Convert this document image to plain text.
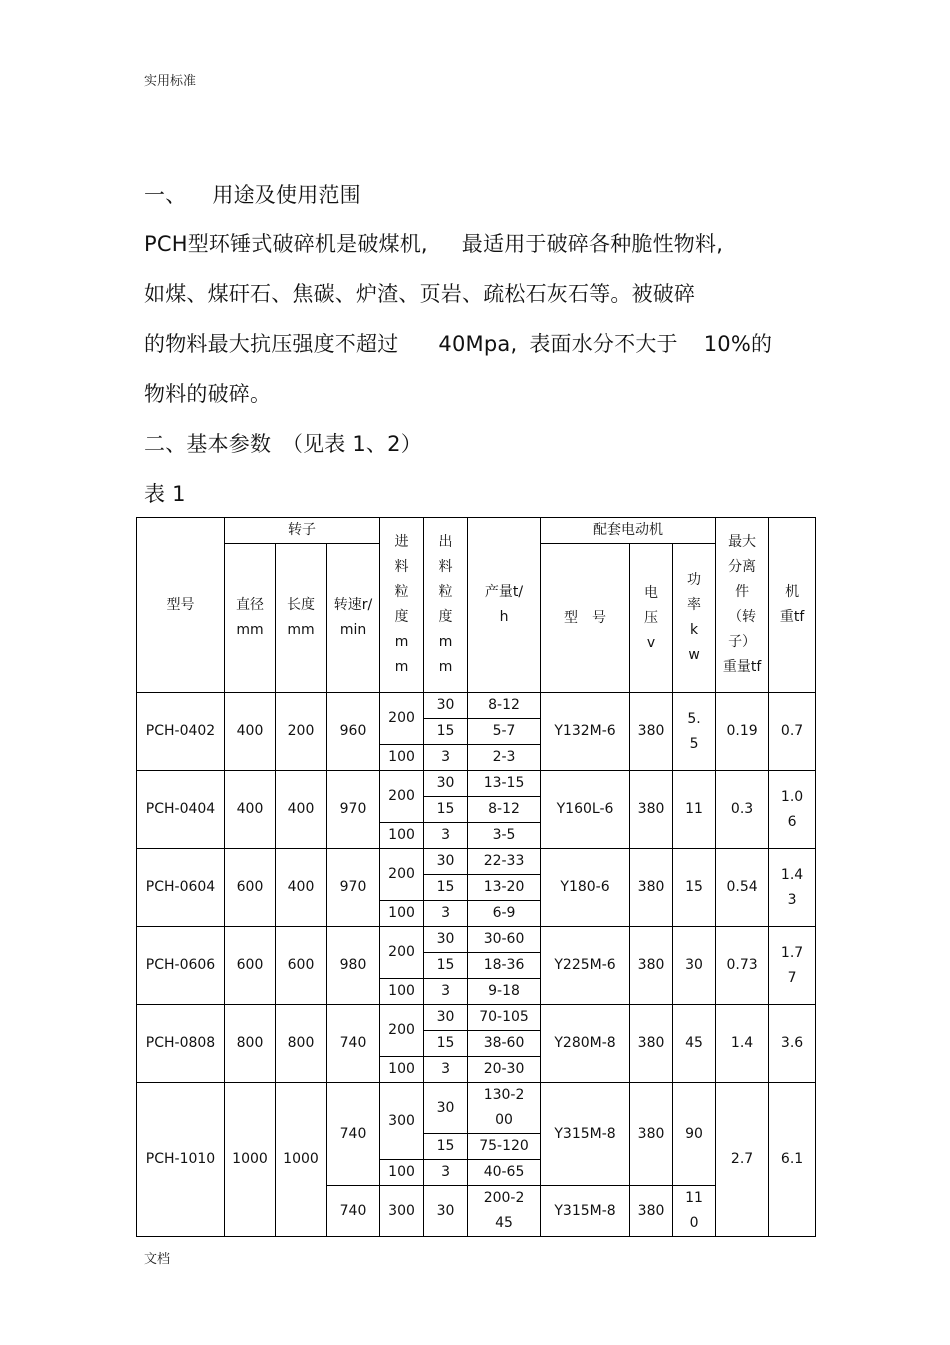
实用标准
一、 用途及使用范围
PCH型环锤式破碎机是破煤机, 最适用于破碎各种脆性物料,
如煤、煤矸石、焦碳、炉渣、页岩、疏松石灰石等。被破碎
的物料最大抗压强度不超过 40Mpa, 表面水分不大于 10%的
物料的破碎。
二、基本参数　（见表 1、2）
表 1
型号	转子			进料粒度mm	出料粒度mm	产量t/h	配套电动机			最大分离件（转子）重量tf	机重tf
	直径mm	长度mm	转速r/min				型　号	电压v	功率kw		
PCH-0402	400	200	960	200	30	8-12	Y132M-6	380	5.5	0.19	0.7
					15	5-7					
				100	3	2-3					
PCH-0404	400	400	970	200	30	13-15	Y160L-6	380	11	0.3	1.06
					15	8-12					
				100	3	3-5					
PCH-0604	600	400	970	200	30	22-33	Y180-6	380	15	0.54	1.43
					15	13-20					
				100	3	6-9					
PCH-0606	600	600	980	200	30	30-60	Y225M-6	380	30	0.73	1.77
					15	18-36					
				100	3	9-18					
PCH-0808	800	800	740	200	30	70-105	Y280M-8	380	45	1.4	3.6
					15	38-60					
				100	3	20-30					
PCH-1010	1000	1000	740	300	30	130-200	Y315M-8	380	90	2.7	6.1
					15	75-120					
				100	3	40-65					
			740	300	30	200-245	Y315M-8	380	110		
文档
